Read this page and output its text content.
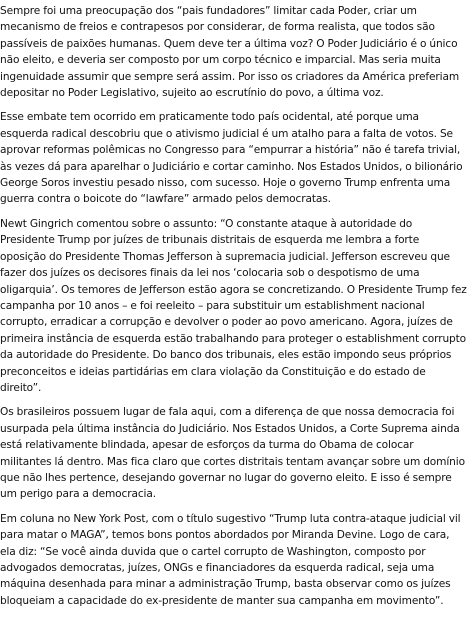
Sempre foi uma preocupação dos “pais fundadores” limitar cada Poder, criar um mecanismo de freios e contrapesos por considerar, de forma realista, que todos são passíveis de paixões humanas. Quem deve ter a última voz? O Poder Judiciário é o único não eleito, e deveria ser composto por um corpo técnico e imparcial. Mas seria muita ingenuidade assumir que sempre será assim. Por isso os criadores da América preferiam depositar no Poder Legislativo, sujeito ao escrutínio do povo, a última voz.

Esse embate tem ocorrido em praticamente todo país ocidental, até porque uma esquerda radical descobriu que o ativismo judicial é um atalho para a falta de votos. Se aprovar reformas polêmicas no Congresso para “empurrar a história” não é tarefa trivial, às vezes dá para aparelhar o Judiciário e cortar caminho. Nos Estados Unidos, o bilionário George Soros investiu pesado nisso, com sucesso. Hoje o governo Trump enfrenta uma guerra contra o boicote do “lawfare” armado pelos democratas.

Newt Gingrich comentou sobre o assunto: “O constante ataque à autoridade do Presidente Trump por juízes de tribunais distritais de esquerda me lembra a forte oposição do Presidente Thomas Jefferson à supremacia judicial. Jefferson escreveu que fazer dos juízes os decisores finais da lei nos ‘colocaria sob o despotismo de uma oligarquia’. Os temores de Jefferson estão agora se concretizando. O Presidente Trump fez campanha por 10 anos – e foi reeleito – para substituir um establishment nacional corrupto, erradicar a corrupção e devolver o poder ao povo americano. Agora, juízes de primeira instância de esquerda estão trabalhando para proteger o establishment corrupto da autoridade do Presidente. Do banco dos tribunais, eles estão impondo seus próprios preconceitos e ideias partidárias em clara violação da Constituição e do estado de direito”.

Os brasileiros possuem lugar de fala aqui, com a diferença de que nossa democracia foi usurpada pela última instância do Judiciário. Nos Estados Unidos, a Corte Suprema ainda está relativamente blindada, apesar de esforços da turma do Obama de colocar militantes lá dentro. Mas fica claro que cortes distritais tentam avançar sobre um domínio que não lhes pertence, desejando governar no lugar do governo eleito. E isso é sempre um perigo para a democracia.

Em coluna no New York Post, com o título sugestivo “Trump luta contra-ataque judicial vil para matar o MAGA”, temos bons pontos abordados por Miranda Devine. Logo de cara, ela diz: “Se você ainda duvida que o cartel corrupto de Washington, composto por advogados democratas, juízes, ONGs e financiadores da esquerda radical, seja uma máquina desenhada para minar a administração Trump, basta observar como os juízes bloqueiam a capacidade do ex-presidente de manter sua campanha em movimento”.
